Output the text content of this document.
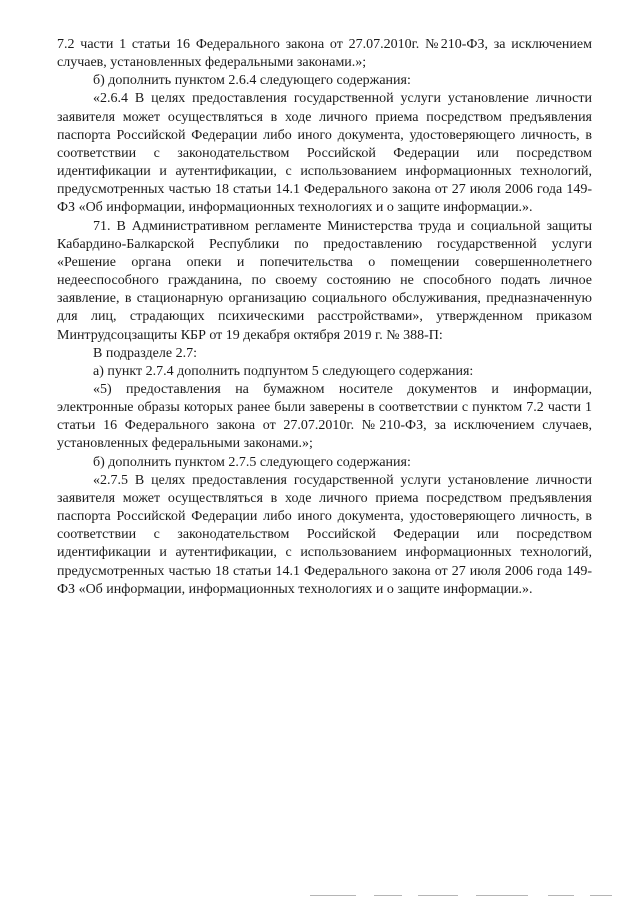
7.2 части 1 статьи 16 Федерального закона от 27.07.2010г. №210-ФЗ, за исключением случаев, установленных федеральными законами.»;

б) дополнить пунктом 2.6.4 следующего содержания:

«2.6.4 В целях предоставления государственной услуги установление личности заявителя может осуществляться в ходе личного приема посредством предъявления паспорта Российской Федерации либо иного документа, удостоверяющего личность, в соответствии с законодательством Российской Федерации или посредством идентификации и аутентификации, с использованием информационных технологий, предусмотренных частью 18 статьи 14.1 Федерального закона от 27 июля 2006 года 149-ФЗ «Об информации, информационных технологиях и о защите информации.».

71. В Административном регламенте Министерства труда и социальной защиты Кабардино-Балкарской Республики по предоставлению государственной услуги «Решение органа опеки и попечительства о помещении совершеннолетнего недееспособного гражданина, по своему состоянию не способного подать личное заявление, в стационарную организацию социального обслуживания, предназначенную для лиц, страдающих психическими расстройствами», утвержденном приказом Минтрудсоцзащиты КБР от 19 декабря октября 2019 г. № 388-П:

В подразделе 2.7:

а) пункт 2.7.4 дополнить подпунтом 5 следующего содержания:

«5) предоставления на бумажном носителе документов и информации, электронные образы которых ранее были заверены в соответствии с пунктом 7.2 части 1 статьи 16 Федерального закона от 27.07.2010г. №210-ФЗ, за исключением случаев, установленных федеральными законами.»;

б) дополнить пунктом 2.7.5 следующего содержания:

«2.7.5 В целях предоставления государственной услуги установление личности заявителя может осуществляться в ходе личного приема посредством предъявления паспорта Российской Федерации либо иного документа, удостоверяющего личность, в соответствии с законодательством Российской Федерации или посредством идентификации и аутентификации, с использованием информационных технологий, предусмотренных частью 18 статьи 14.1 Федерального закона от 27 июля 2006 года 149-ФЗ «Об информации, информационных технологиях и о защите информации.».
